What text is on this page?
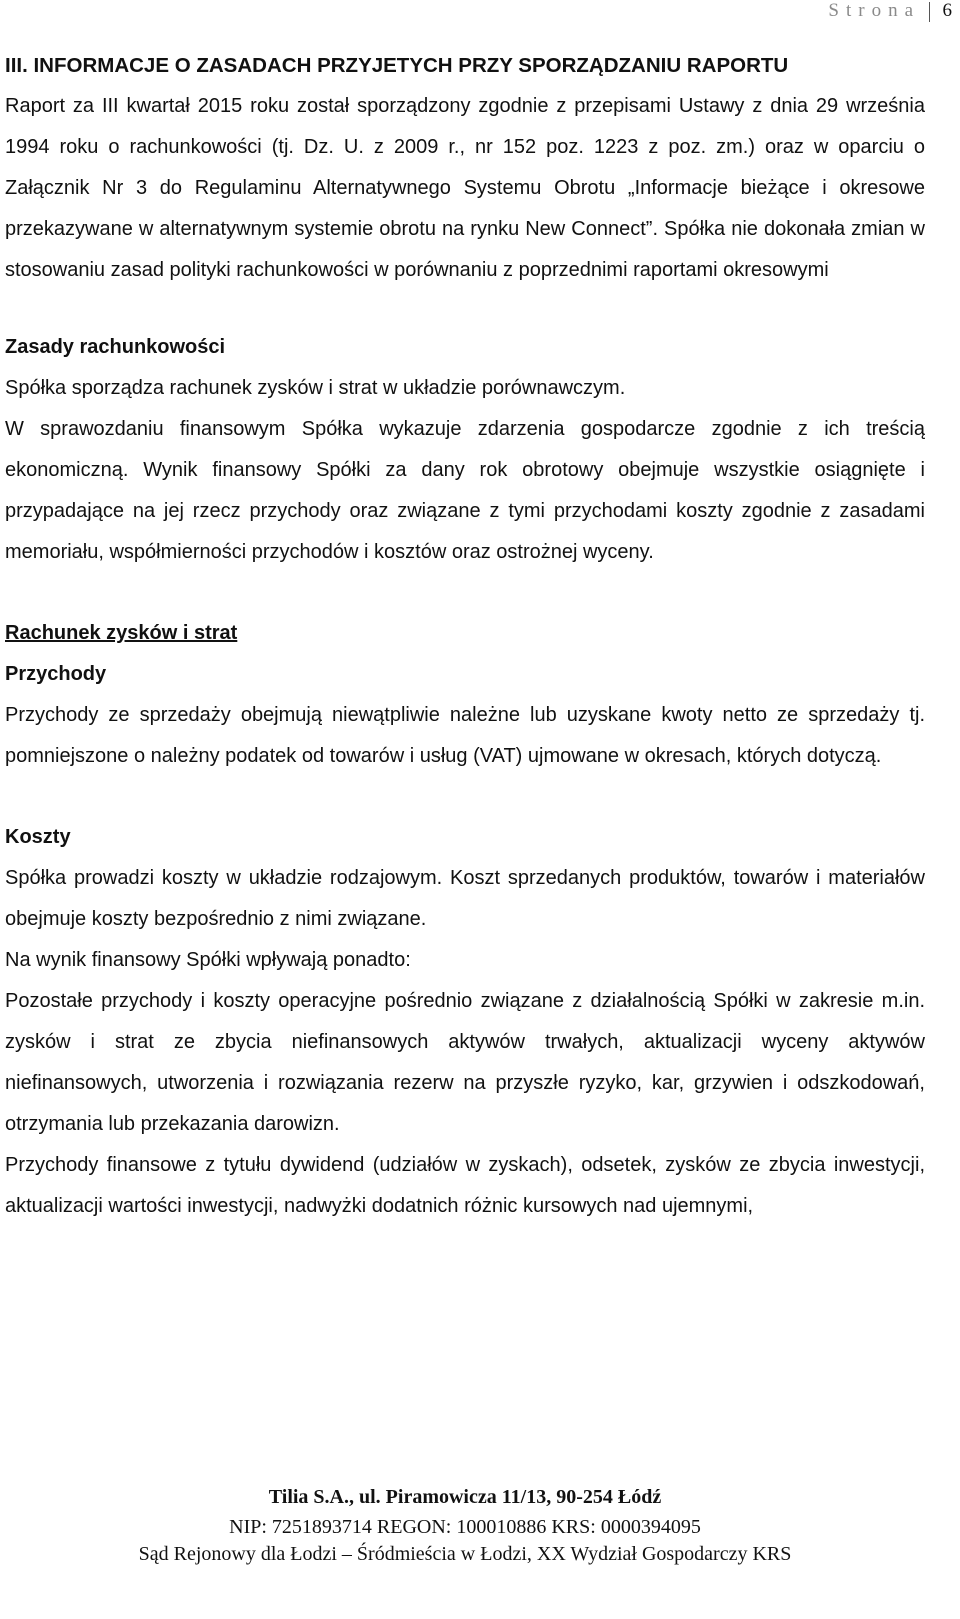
Strona 6

III. INFORMACJE O ZASADACH PRZYJETYCH PRZY SPORZĄDZANIU RAPORTU

Raport za III kwartał 2015 roku został sporządzony zgodnie z przepisami Ustawy z dnia 29 września 1994 roku o rachunkowości (tj. Dz. U. z 2009 r., nr 152 poz. 1223 z poz. zm.) oraz w oparciu o Załącznik Nr 3 do Regulaminu Alternatywnego Systemu Obrotu „Informacje bieżące i okresowe przekazywane w alternatywnym systemie obrotu na rynku New Connect”. Spółka nie dokonała zmian w stosowaniu zasad polityki rachunkowości w porównaniu z poprzednimi raportami okresowymi

Zasady rachunkowości

Spółka sporządza rachunek zysków i strat w układzie porównawczym.

W sprawozdaniu finansowym Spółka wykazuje zdarzenia gospodarcze zgodnie z ich treścią ekonomiczną. Wynik finansowy Spółki za dany rok obrotowy obejmuje wszystkie osiągnięte i przypadające na jej rzecz przychody oraz związane z tymi przychodami koszty zgodnie z zasadami memoriału, współmierności przychodów i kosztów oraz ostrożnej wyceny.

Rachunek zysków i strat

Przychody

Przychody ze sprzedaży obejmują niewątpliwie należne lub uzyskane kwoty netto ze sprzedaży tj. pomniejszone o należny podatek od towarów i usług (VAT) ujmowane w okresach, których dotyczą.

Koszty

Spółka prowadzi koszty w układzie rodzajowym. Koszt sprzedanych produktów, towarów i materiałów obejmuje koszty bezpośrednio z nimi związane.

Na wynik finansowy Spółki wpływają ponadto:

Pozostałe przychody i koszty operacyjne pośrednio związane z działalnością Spółki w zakresie m.in. zysków i strat ze zbycia niefinansowych aktywów trwałych, aktualizacji wyceny aktywów niefinansowych, utworzenia i rozwiązania rezerw na przyszłe ryzyko, kar, grzywien i odszkodowań, otrzymania lub przekazania darowizn.

Przychody finansowe z tytułu dywidend (udziałów w zyskach), odsetek, zysków ze zbycia inwestycji, aktualizacji wartości inwestycji, nadwyżki dodatnich różnic kursowych nad ujemnymi,

Tilia S.A., ul. Piramowicza 11/13, 90-254 Łódź
NIP: 7251893714 REGON: 100010886 KRS: 0000394095
Sąd Rejonowy dla Łodzi – Śródmieścia w Łodzi, XX Wydział Gospodarczy KRS
